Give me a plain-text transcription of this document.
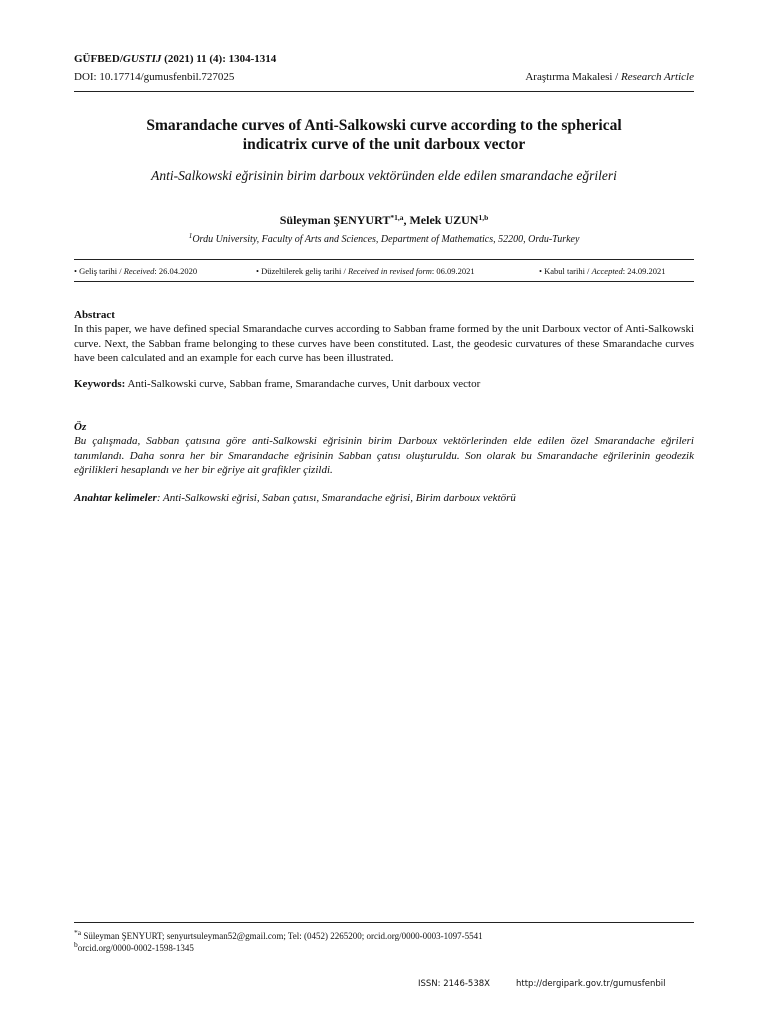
GÜFBED/GUSTIJ (2021) 11 (4): 1304-1314
DOI: 10.17714/gumusfenbil.727025	Araştırma Makalesi / Research Article
Smarandache curves of Anti-Salkowski curve according to the spherical
indicatrix curve of the unit darboux vector
Anti-Salkowski eğrisinin birim darboux vektöründen elde edilen smarandache eğrileri
Süleyman ŞENYURT$^{*1,a}$, Melek UZUN$^{1,b}$
$^1$Ordu University, Faculty of Arts and Sciences, Department of Mathematics, 52200, Ordu-Turkey
• Geliş tarihi / Received: 26.04.2020	• Düzeltilerek geliş tarihi / Received in revised form: 06.09.2021	• Kabul tarihi / Accepted: 24.09.2021
Abstract
In this paper, we have defined special Smarandache curves according to Sabban frame formed by the unit Darboux vector of Anti-Salkowski curve. Next, the Sabban frame belonging to these curves have been constituted. Last, the geodesic curvatures of these Smarandache curves have been calculated and an example for each curve has been illustrated.
Keywords: Anti-Salkowski curve, Sabban frame, Smarandache curves, Unit darboux vector
Öz
Bu çalışmada, Sabban çatısına göre anti-Salkowski eğrisinin birim Darboux vektörlerinden elde edilen özel Smarandache eğrileri tanımlandı. Daha sonra her bir Smarandache eğrisinin Sabban çatısı oluşturuldu. Son olarak bu Smarandache eğrilerinin geodezik eğrilikleri hesaplandı ve her bir eğriye ait grafikler çizildi.
Anahtar kelimeler: Anti-Salkowski eğrisi, Saban çatısı, Smarandache eğrisi, Birim darboux vektörü
$^{*a}$ Süleyman ŞENYURT; senyurtsuleyman52@gmail.com; Tel: (0452) 2265200; orcid.org/0000-0003-1097-5541
$^b$orcid.org/0000-0002-1598-1345
ISSN: 2146-538X	http://dergipark.gov.tr/gumusfenbil
